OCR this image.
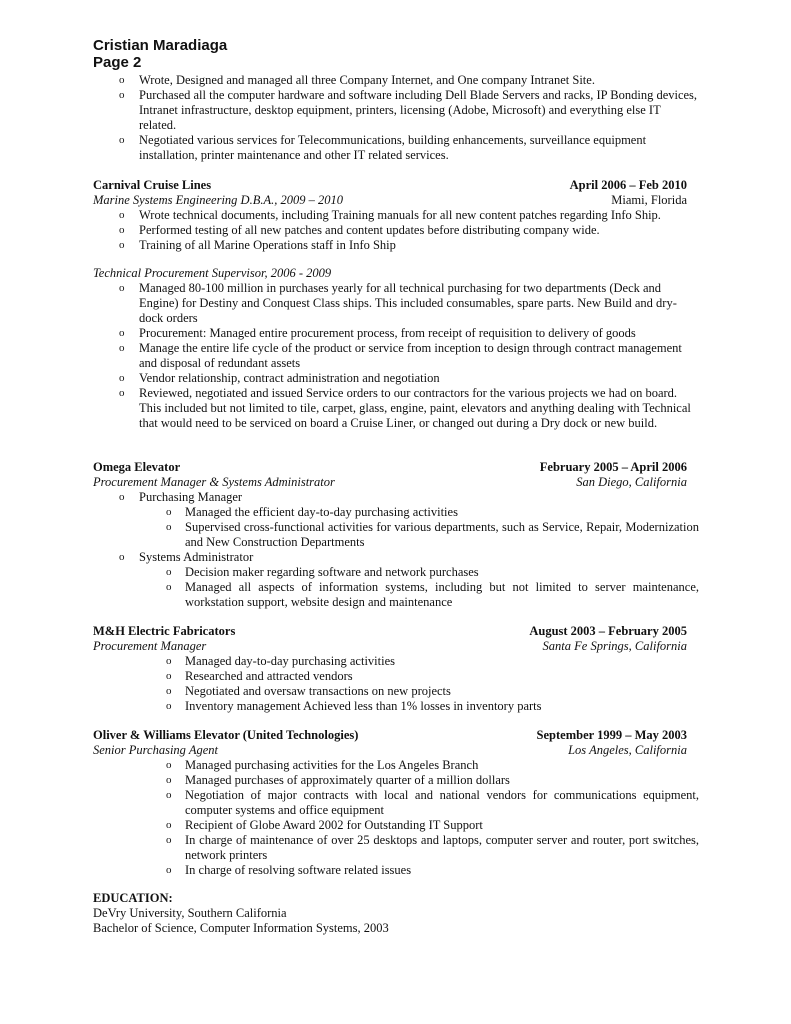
Cristian Maradiaga
Page 2
o Wrote, Designed and managed all three Company Internet, and One company Intranet Site.
o Purchased all the computer hardware and software including Dell Blade Servers and racks, IP Bonding devices, Intranet infrastructure, desktop equipment, printers, licensing (Adobe, Microsoft) and everything else IT related.
o Negotiated various services for Telecommunications, building enhancements, surveillance equipment installation, printer maintenance and other IT related services.
Carnival Cruise Lines	April 2006 – Feb 2010
Marine Systems Engineering D.B.A., 2009 – 2010	Miami, Florida
o Wrote technical documents, including Training manuals for all new content patches regarding Info Ship.
o Performed testing of all new patches and content updates before distributing company wide.
o Training of all Marine Operations staff in Info Ship
Technical Procurement Supervisor, 2006 - 2009
o Managed 80-100 million in purchases yearly for all technical purchasing for two departments (Deck and Engine) for Destiny and Conquest Class ships. This included consumables, spare parts. New Build and dry-dock orders
o Procurement: Managed entire procurement process, from receipt of requisition to delivery of goods
o Manage the entire life cycle of the product or service from inception to design through contract management and disposal of redundant assets
o Vendor relationship, contract administration and negotiation
o Reviewed, negotiated and issued Service orders to our contractors for the various projects we had on board. This included but not limited to tile, carpet, glass, engine, paint, elevators and anything dealing with Technical that would need to be serviced on board a Cruise Liner, or changed out during a Dry dock or new build.
Omega Elevator	February 2005 – April 2006
Procurement Manager & Systems Administrator	San Diego, California
o Purchasing Manager
o Managed the efficient day-to-day purchasing activities
o Supervised cross-functional activities for various departments, such as Service, Repair, Modernization and New Construction Departments
o Systems Administrator
o Decision maker regarding software and network purchases
o Managed all aspects of information systems, including but not limited to server maintenance, workstation support, website design and maintenance
M&H Electric Fabricators	August 2003 – February 2005
Procurement Manager	Santa Fe Springs, California
o Managed day-to-day purchasing activities
o Researched and attracted vendors
o Negotiated and oversaw transactions on new projects
o Inventory management Achieved less than 1% losses in inventory parts
Oliver & Williams Elevator (United Technologies)	September 1999 – May 2003
Senior Purchasing Agent	Los Angeles, California
o Managed purchasing activities for the Los Angeles Branch
o Managed purchases of approximately quarter of a million dollars
o Negotiation of major contracts with local and national vendors for communications equipment, computer systems and office equipment
o Recipient of Globe Award 2002 for Outstanding IT Support
o In charge of maintenance of over 25 desktops and laptops, computer server and router, port switches, network printers
o In charge of resolving software related issues
EDUCATION:
DeVry University, Southern California
Bachelor of Science, Computer Information Systems, 2003
